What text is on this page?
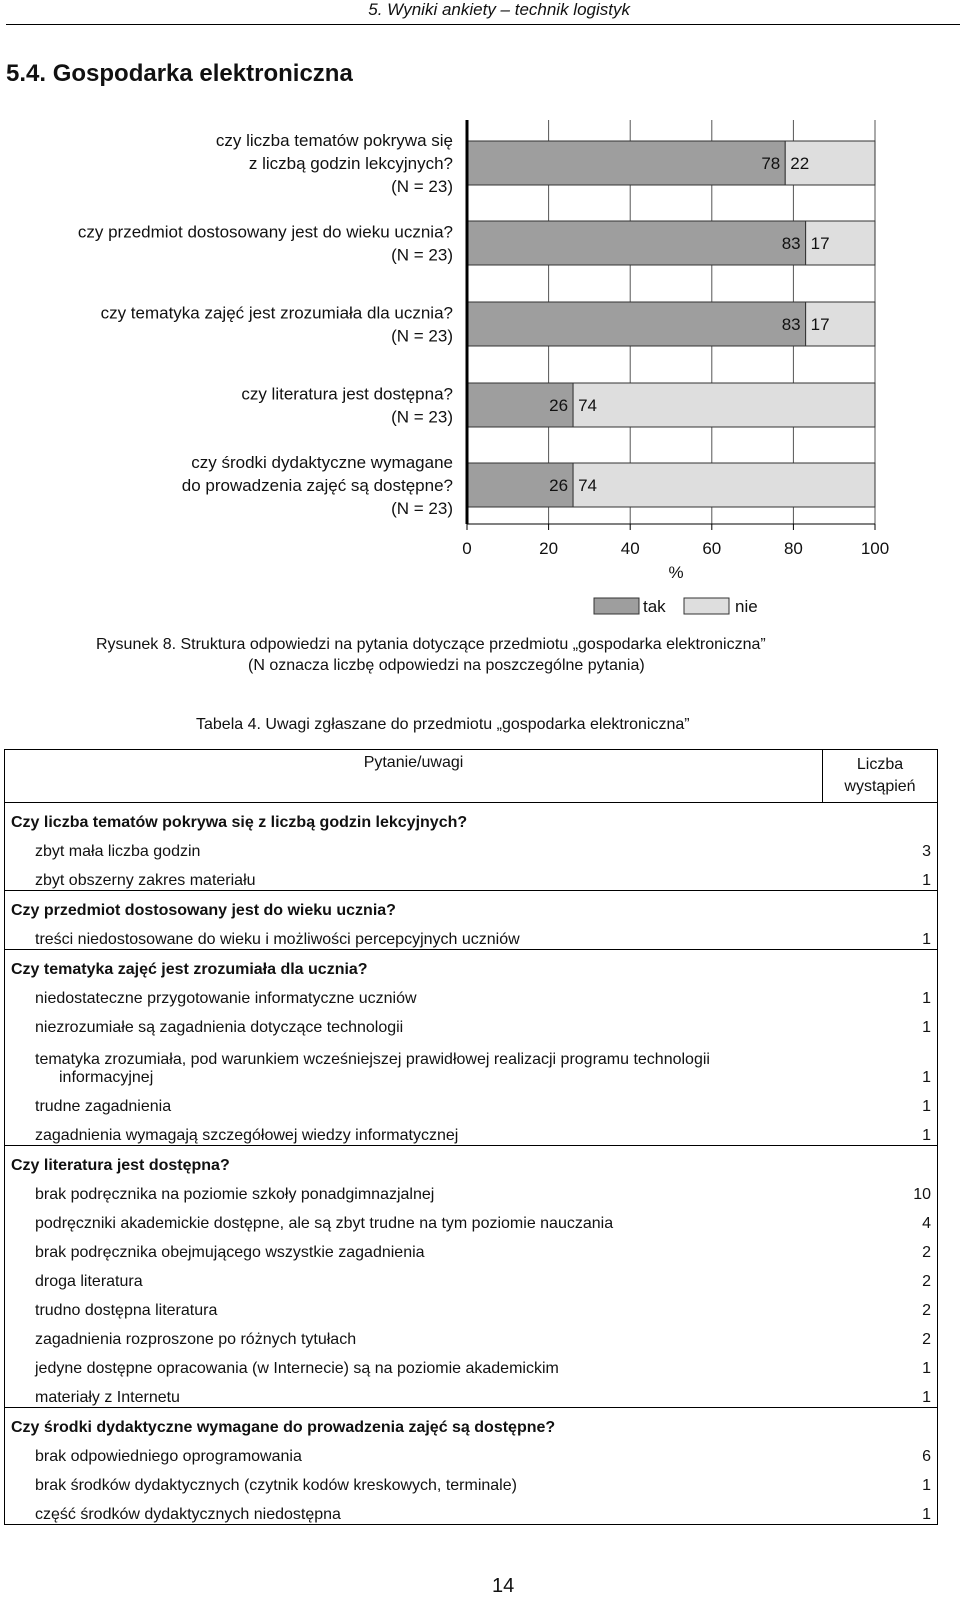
5. Wyniki ankiety – technik logistyk
5.4. Gospodarka elektroniczna
78 22
czy liczba tematów pokrywa się
z liczbą godzin lekcyjnych?
(N = 23)
83 17
czy przedmiot dostosowany jest do wieku ucznia?
(N = 23)
83 17
czy tematyka zajęć jest zrozumiała dla ucznia?
(N = 23)
26 74
czy literatura jest dostępna?
(N = 23)
26 74
czy środki dydaktyczne wymagane
do prowadzenia zajęć są dostępne?
(N = 23)
0	20	40	60	80	100
%
tak	nie
Rysunek 8. Struktura odpowiedzi na pytania dotyczące przedmiotu „gospodarka elektroniczna”
(N oznacza liczbę odpowiedzi na poszczególne pytania)
Tabela 4. Uwagi zgłaszane do przedmiotu „gospodarka elektroniczna”
Pytanie/uwagi	Liczba
wystąpień
Czy liczba tematów pokrywa się z liczbą godzin lekcyjnych?	
zbyt mała liczba godzin	3
zbyt obszerny zakres materiału	1
Czy przedmiot dostosowany jest do wieku ucznia?	
treści niedostosowane do wieku i możliwości percepcyjnych uczniów	1
Czy tematyka zajęć jest zrozumiała dla ucznia?	
niedostateczne przygotowanie informatyczne uczniów	1
niezrozumiałe są zagadnienia dotyczące technologii	1
tematyka zrozumiała, pod warunkiem wcześniejszej prawidłowej realizacji programu technologii
informacyjnej	1
trudne zagadnienia	1
zagadnienia wymagają szczegółowej wiedzy informatycznej	1
Czy literatura jest dostępna?	
brak podręcznika na poziomie szkoły ponadgimnazjalnej	10
podręczniki akademickie dostępne, ale są zbyt trudne na tym poziomie nauczania	4
brak podręcznika obejmującego wszystkie zagadnienia	2
droga literatura	2
trudno dostępna literatura	2
zagadnienia rozproszone po różnych tytułach	2
jedyne dostępne opracowania (w Internecie) są na poziomie akademickim	1
materiały z Internetu	1
Czy środki dydaktyczne wymagane do prowadzenia zajęć są dostępne?	
brak odpowiedniego oprogramowania	6
brak środków dydaktycznych (czytnik kodów kreskowych, terminale)	1
część środków dydaktycznych niedostępna	1
14
